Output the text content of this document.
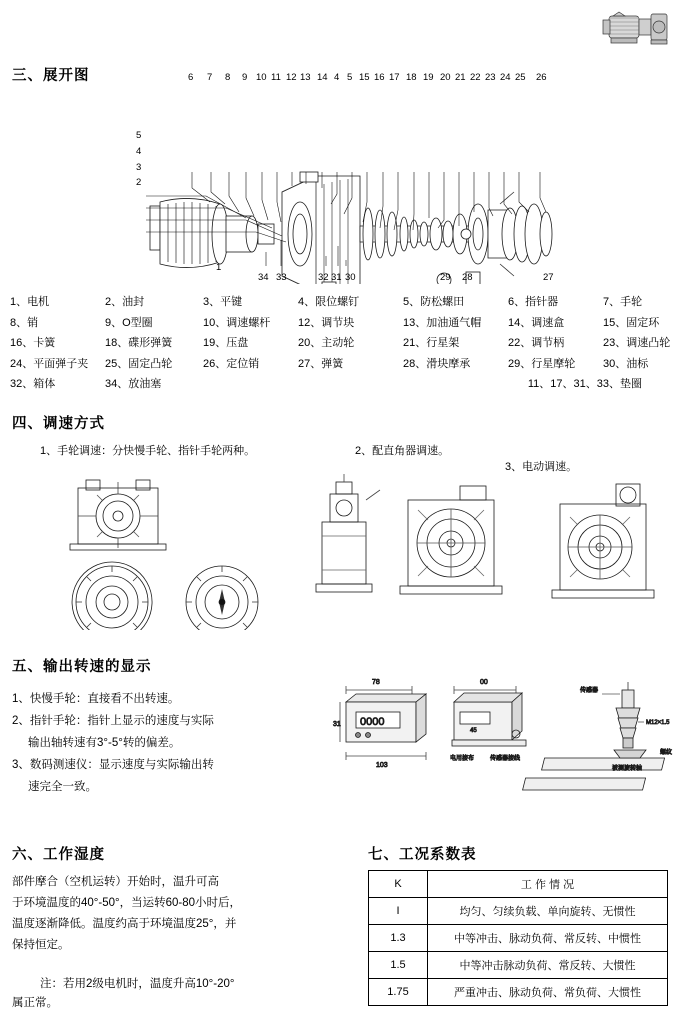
三、展开图	6 7 8 9 10 11 12 13 14 4 5 15 16 17 18 19 20 21 22 23 24 25 26
5
4
3
2
1
34 33	32 31 30	29 28	27
1、电机	2、油封	3、平键	4、限位螺钉	5、防松螺田	6、指针器	7、手轮
8、销	9、O型圈	10、调速螺杆	12、调节块	13、加油通气帽	14、调速盒	15、固定环
16、卡簧	18、碟形弹簧	19、压盘	20、主动轮	21、行星架	22、调节柄	23、调速凸轮
24、平面弹子夹	25、固定凸轮	26、定位销	27、弹簧	28、滑块摩承	29、行星摩轮	30、油标
32、箱体	34、放油塞	11、17、31、33、垫圈
四、调速方式
1、手轮调速：分快慢手轮、指针手轮两种。	2、配直角器调速。
3、电动调速。
五、输出转速的显示
1、快慢手轮：直接看不出转速。
2、指针手轮：指针上显示的速度与实际
输出轴转速有3°-5°转的偏差。
3、数码测速仪：显示速度与实际输出转
速完全一致。
78
0000
31
103
00
45
电用接布	传感器接线
传感器
M12×1.5
螺纹
被测旋转轴
六、工作湿度
部件摩合（空机运转）开始时，温升可高
于环境温度的40°-50°，当运转60-80小时后，
温度逐渐降低。温度约高于环境温度25°，并
保持恒定。
注：若用2级电机时，温度升高10°-20°
属正常。
七、工况系数表
K	工 作 情 况
I	均匀、匀续负载、单向旋转、无惯性
1.3	中等冲击、脉动负荷、常反转、中惯性
1.5	中等冲击脉动负荷、常反转、大惯性
1.75	严重冲击、脉动负荷、常负荷、大惯性
